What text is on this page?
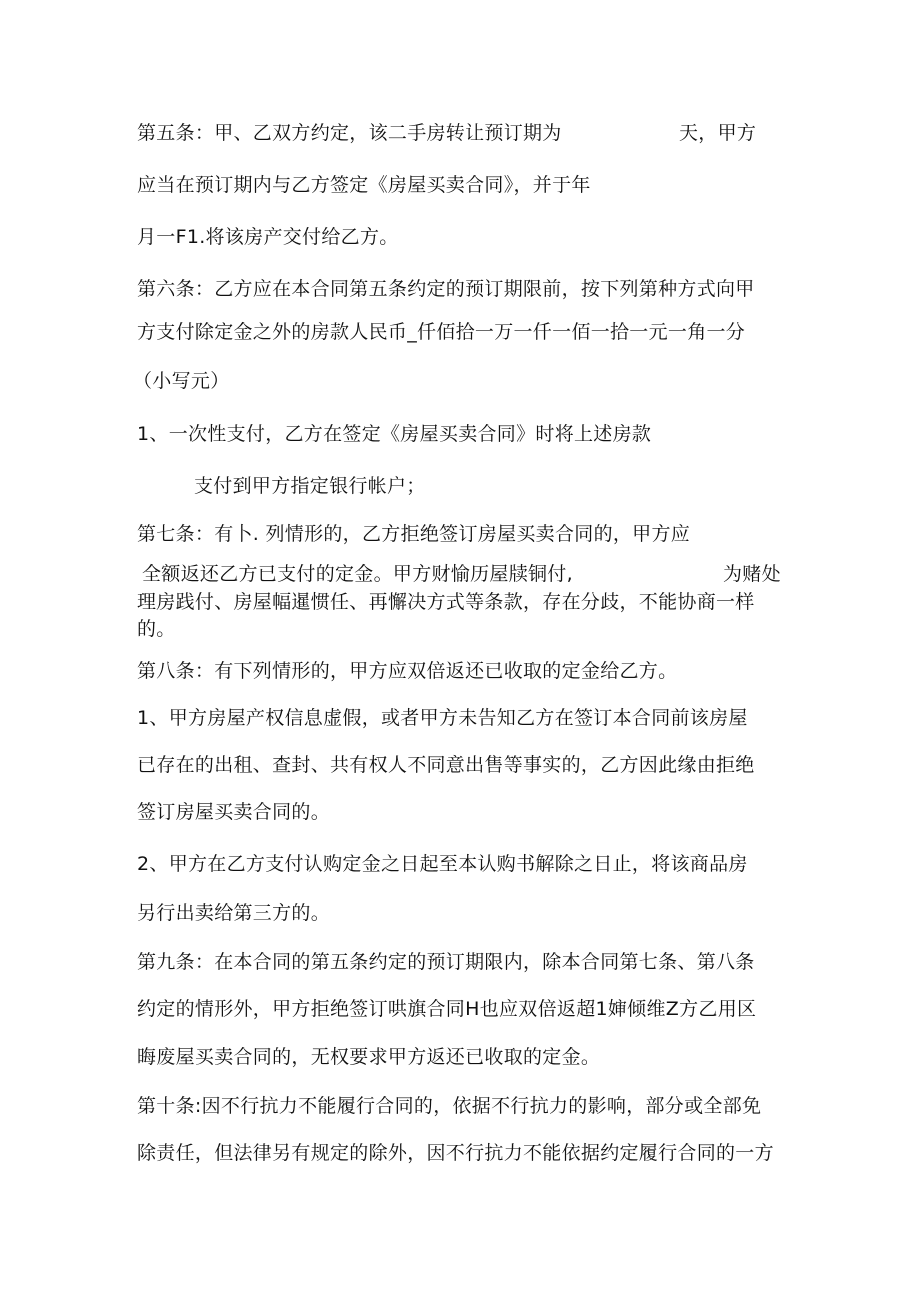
第五条：甲、乙双方约定，该二手房转让预订期为	天，甲方
应当在预订期内与乙方签定《房屋买卖合同》，并于年
月一F1.将该房产交付给乙方。
第六条：乙方应在本合同第五条约定的预订期限前，按下列第种方式向甲
方支付除定金之外的房款人民币_仟佰拾一万一仟一佰一拾一元一角一分
（小写元）
1、一次性支付，乙方在签定《房屋买卖合同》时将上述房款
支付到甲方指定银行帐户；
第七条：有卜. 列情形的，乙方拒绝签订房屋买卖合同的，甲方应
全额返还乙方已支付的定金。甲方财愉历屋牍铜付,	为赌处
理房践付、房屋幅暹惯任、再懈决方式等条款，存在分歧，不能协商一样
的。
第八条：有下列情形的，甲方应双倍返还已收取的定金给乙方。
1、甲方房屋产权信息虚假，或者甲方未告知乙方在签订本合同前该房屋
已存在的出租、查封、共有权人不同意出售等事实的，乙方因此缘由拒绝
签订房屋买卖合同的。
2、甲方在乙方支付认购定金之日起至本认购书解除之日止，将该商品房
另行出卖给第三方的。
第九条：在本合同的第五条约定的预订期限内，除本合同第七条、第八条
约定的情形外，甲方拒绝签订哄旗合同H也应双倍返超1婶倾维Z方乙用区
晦废屋买卖合同的，无权要求甲方返还已收取的定金。
第十条:因不行抗力不能履行合同的，依据不行抗力的影响，部分或全部免
除责任，但法律另有规定的除外，因不行抗力不能依据约定履行合同的一方
